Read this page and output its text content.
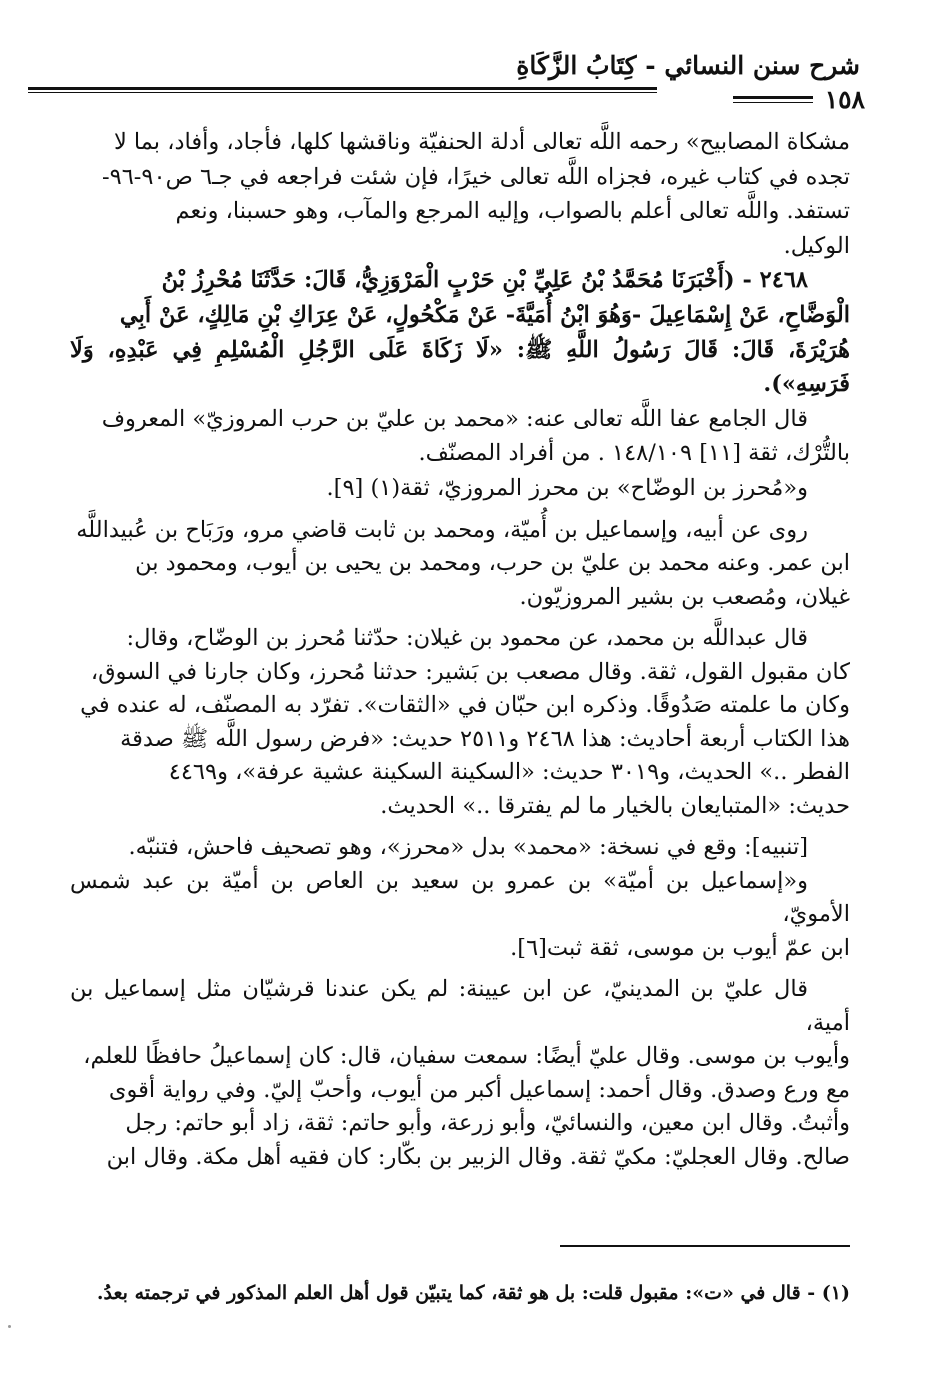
شرح سنن النسائي - كِتَابُ الزَّكَاةِ
١٥٨

مشكاة المصابيح» رحمه اللَّه تعالى أدلة الحنفيّة وناقشها كلها، فأجاد، وأفاد، بما لا

تجده في كتاب غيره، فجزاه اللَّه تعالى خيرًا، فإن شئت فراجعه في جـ٦ ص٩٠-٩٦-

تستفد. واللَّه تعالى أعلم بالصواب، وإليه المرجع والمآب، وهو حسبنا، ونعم

الوكيل.

٢٤٦٨ - (أَخْبَرَنَا مُحَمَّدُ بْنُ عَلِيِّ بْنِ حَرْبٍ الْمَرْوَزِيُّ، قَالَ: حَدَّثَنَا مُحْرِزُ بْنُ

الْوَضَّاحِ، عَنْ إِسْمَاعِيلَ -وَهُوَ ابْنُ أُمَيَّةَ- عَنْ مَكْحُولٍ، عَنْ عِرَاكِ بْنِ مَالِكٍ، عَنْ أَبِي

هُرَيْرَةَ، قَالَ: قَالَ رَسُولُ اللَّهِ ﷺ: «لَا زَكَاةَ عَلَى الرَّجُلِ الْمُسْلِمِ فِي عَبْدِهِ، وَلَا فَرَسِهِ»).

قال الجامع عفا اللَّه تعالى عنه: «محمد بن عليّ بن حرب المروزيّ» المعروف

بالتُّرْك، ثقة [١١] ١٤٨/١٠٩ . من أفراد المصنّف.

و«مُحرز بن الوضّاح» بن محرز المروزيّ، ثقة(١) [٩].

روى عن أبيه، وإسماعيل بن أُميّة، ومحمد بن ثابت قاضي مرو، ورَبَاح بن عُبيداللَّه

ابن عمر. وعنه محمد بن عليّ بن حرب، ومحمد بن يحيى بن أيوب، ومحمود بن

غيلان، ومُصعب بن بشير المروزيّون.

قال عبداللَّه بن محمد، عن محمود بن غيلان: حدّثنا مُحرز بن الوضّاح، وقال:

كان مقبول القول، ثقة. وقال مصعب بن بَشير: حدثنا مُحرز، وكان جارنا في السوق،

وكان ما علمته صَدُوقًا. وذكره ابن حبّان في «الثقات». تفرّد به المصنّف، له عنده في

هذا الكتاب أربعة أحاديث: هذا ٢٤٦٨ و٢٥١١ حديث: «فرض رسول اللَّه ﷺ صدقة

الفطر ..» الحديث، و٣٠١٩ حديث: «السكينة السكينة عشية عرفة»، و٤٤٦٩

حديث: «المتبايعان بالخيار ما لم يفترقا ..» الحديث.

[تنبيه]: وقع في نسخة: «محمد» بدل «محرز»، وهو تصحيف فاحش، فتنبّه.

و«إسماعيل بن أميّة» بن عمرو بن سعيد بن العاص بن أميّة بن عبد شمس الأمويّ،

ابن عمّ أيوب بن موسى، ثقة ثبت[٦].

قال عليّ بن المدينيّ، عن ابن عيينة: لم يكن عندنا قرشيّان مثل إسماعيل بن أمية،

وأيوب بن موسى. وقال عليّ أيضًا: سمعت سفيان، قال: كان إسماعيلُ حافظًا للعلم،

مع ورع وصدق. وقال أحمد: إسماعيل أكبر من أيوب، وأحبّ إليّ. وفي رواية أقوى

وأثبتُ. وقال ابن معين، والنسائيّ، وأبو زرعة، وأبو حاتم: ثقة، زاد أبو حاتم: رجل

صالح. وقال العجليّ: مكيّ ثقة. وقال الزبير بن بكّار: كان فقيه أهل مكة. وقال ابن

(١) - قال في «ت»: مقبول قلت: بل هو ثقة، كما يتبيّن قول أهل العلم المذكور في ترجمته بعدُ.
